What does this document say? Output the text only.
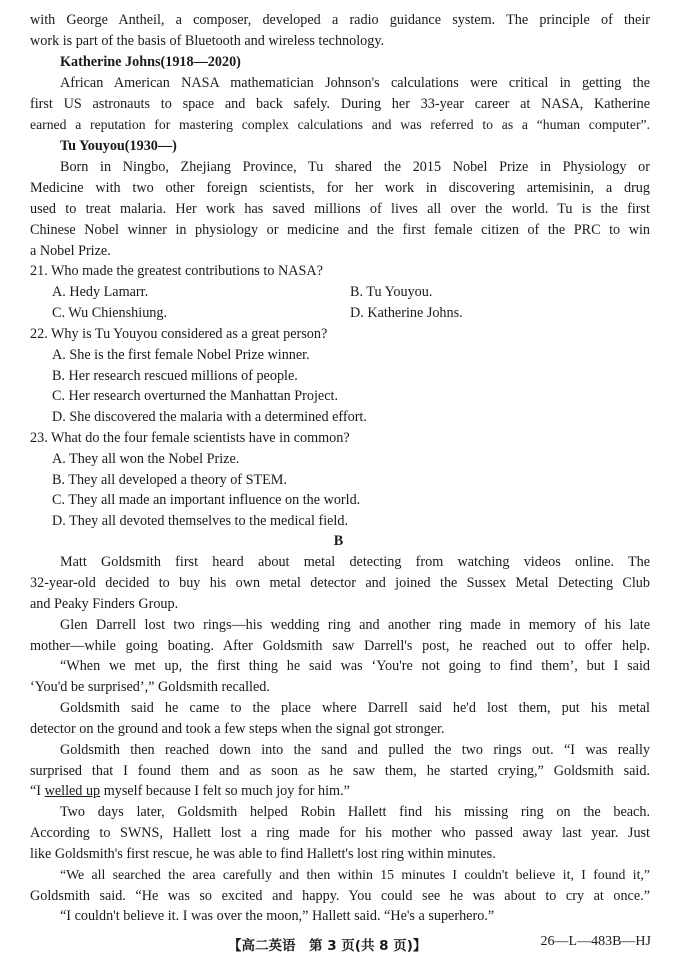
with George Antheil, a composer, developed a radio guidance system. The principle of their
work is part of the basis of Bluetooth and wireless technology.
Katherine Johns(1918—2020)
African American NASA mathematician Johnson's calculations were critical in getting the
first US astronauts to space and back safely. During her 33-year career at NASA, Katherine
earned a reputation for mastering complex calculations and was referred to as a “human computer”.
Tu Youyou(1930—)
Born in Ningbo, Zhejiang Province, Tu shared the 2015 Nobel Prize in Physiology or
Medicine with two other foreign scientists, for her work in discovering artemisinin, a drug
used to treat malaria. Her work has saved millions of lives all over the world. Tu is the first
Chinese Nobel winner in physiology or medicine and the first female citizen of the PRC to win
a Nobel Prize.
21. Who made the greatest contributions to NASA?
A. Hedy Lamarr.	B. Tu Youyou.
C. Wu Chienshiung.	D. Katherine Johns.
22. Why is Tu Youyou considered as a great person?
A. She is the first female Nobel Prize winner.
B. Her research rescued millions of people.
C. Her research overturned the Manhattan Project.
D. She discovered the malaria with a determined effort.
23. What do the four female scientists have in common?
A. They all won the Nobel Prize.
B. They all developed a theory of STEM.
C. They all made an important influence on the world.
D. They all devoted themselves to the medical field.
B
Matt Goldsmith first heard about metal detecting from watching videos online. The
32-year-old decided to buy his own metal detector and joined the Sussex Metal Detecting Club
and Peaky Finders Group.
Glen Darrell lost two rings—his wedding ring and another ring made in memory of his late
mother—while going boating. After Goldsmith saw Darrell's post, he reached out to offer help.
“When we met up, the first thing he said was ‘You're not going to find them’, but I said
‘You'd be surprised’,” Goldsmith recalled.
Goldsmith said he came to the place where Darrell said he'd lost them, put his metal
detector on the ground and took a few steps when the signal got stronger.
Goldsmith then reached down into the sand and pulled the two rings out. “I was really
surprised that I found them and as soon as he saw them, he started crying,” Goldsmith said.
“I welled up myself because I felt so much joy for him.”
Two days later, Goldsmith helped Robin Hallett find his missing ring on the beach.
According to SWNS, Hallett lost a ring made for his mother who passed away last year. Just
like Goldsmith's first rescue, he was able to find Hallett's lost ring within minutes.
“We all searched the area carefully and then within 15 minutes I couldn't believe it, I found it,”
Goldsmith said. “He was so excited and happy. You could see he was about to cry at once.”
“I couldn't believe it. I was over the moon,” Hallett said. “He's a superhero.”
【高二英语　第 3 页(共 8 页)】	26—L—483B—HJ
